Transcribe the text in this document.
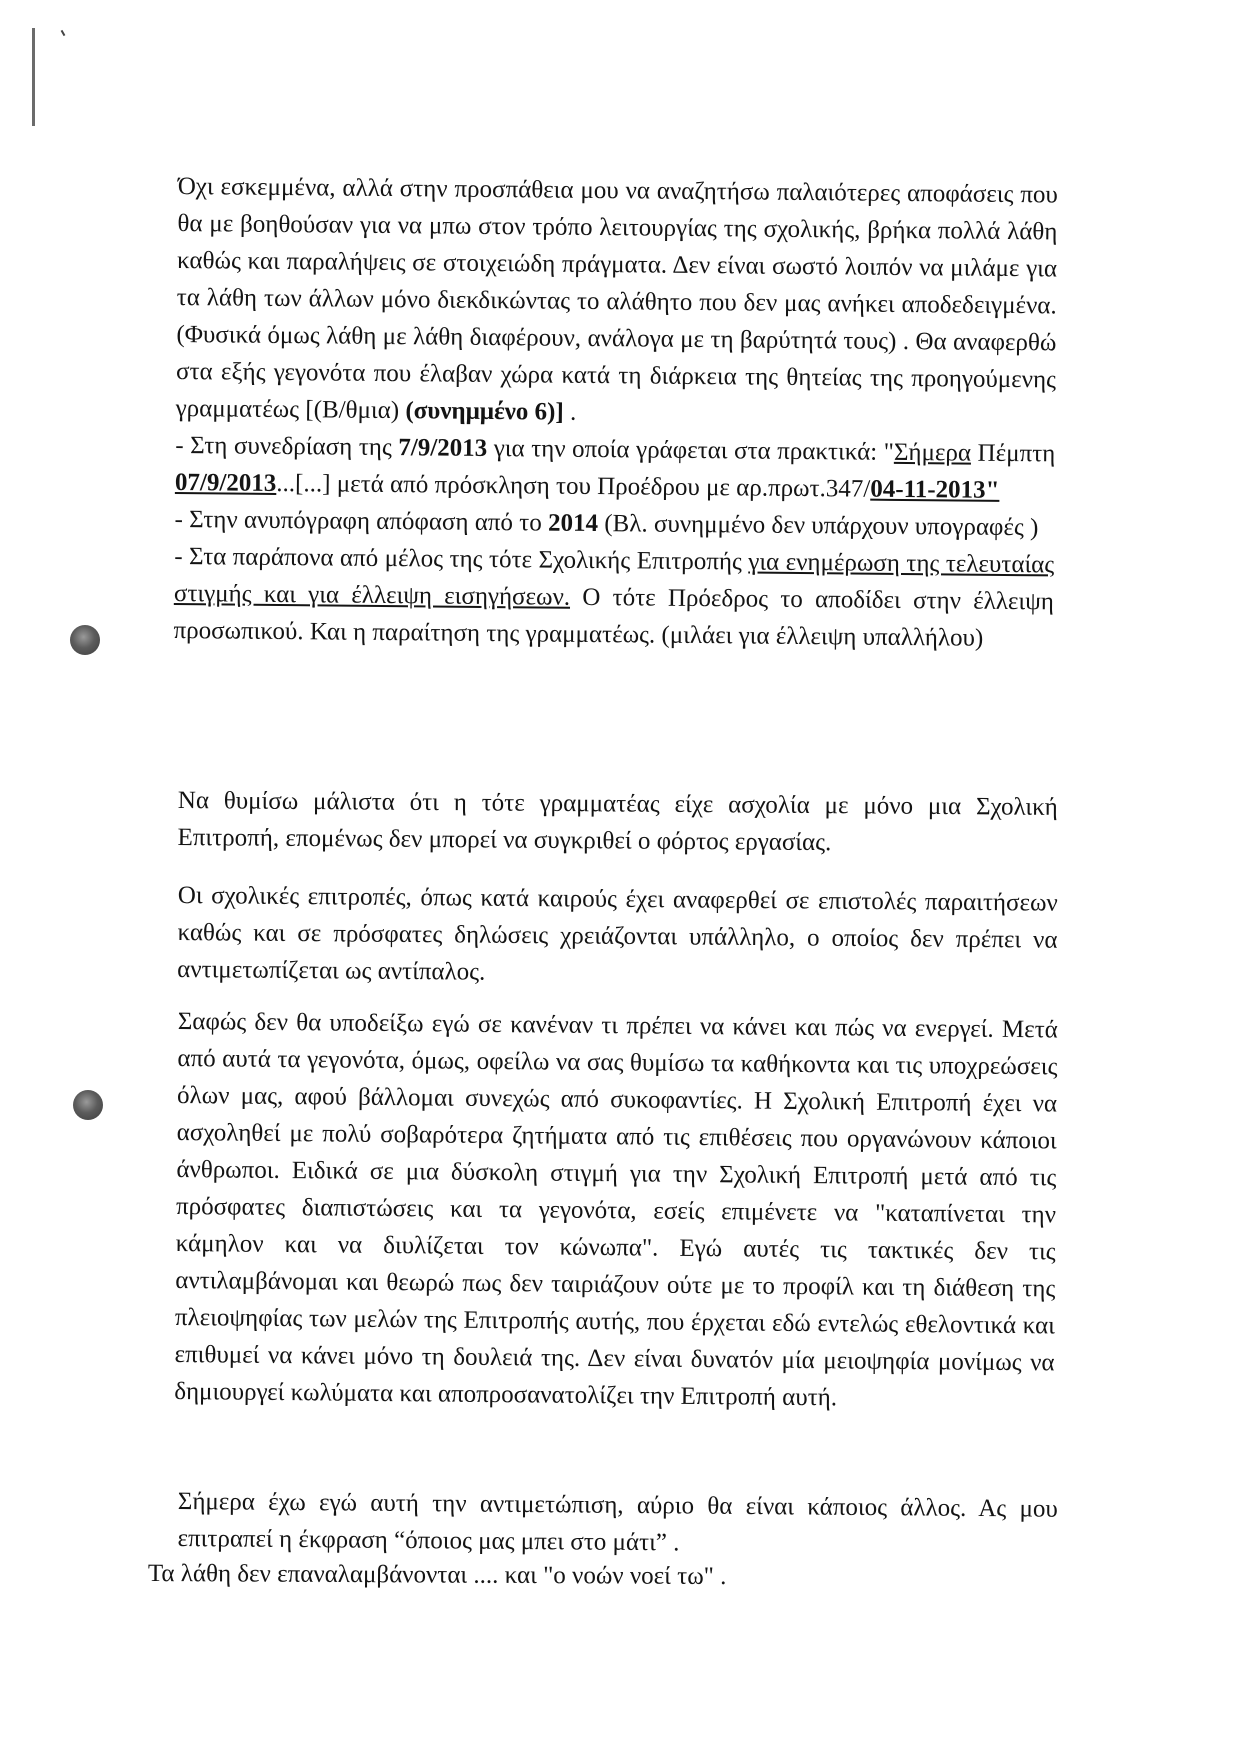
Όχι εσκεμμένα, αλλά στην προσπάθεια μου να αναζητήσω παλαιότερες αποφάσεις που θα με βοηθούσαν για να μπω στον τρόπο λειτουργίας της σχολικής, βρήκα πολλά λάθη καθώς και παραλήψεις σε στοιχειώδη πράγματα. Δεν είναι σωστό λοιπόν να μιλάμε για τα λάθη των άλλων μόνο διεκδικώντας το αλάθητο που δεν μας ανήκει αποδεδειγμένα. (Φυσικά όμως λάθη με λάθη διαφέρουν, ανάλογα με τη βαρύτητά τους) . Θα αναφερθώ στα εξής γεγονότα που έλαβαν χώρα κατά τη διάρκεια της θητείας της προηγούμενης γραμματέως [(Β/θμια) (συνημμένο 6)] .

- Στη συνεδρίαση της 7/9/2013 για την οποία γράφεται στα πρακτικά: "Σήμερα Πέμπτη 07/9/2013...[...] μετά από πρόσκληση του Προέδρου με αρ.πρωτ.347/04-11-2013"

- Στην ανυπόγραφη απόφαση από το 2014 (Βλ. συνημμένο δεν υπάρχουν υπογραφές )

- Στα παράπονα από μέλος της τότε Σχολικής Επιτροπής για ενημέρωση της τελευταίας στιγμής και για έλλειψη εισηγήσεων. Ο τότε Πρόεδρος το αποδίδει στην έλλειψη προσωπικού. Και η παραίτηση της γραμματέως. (μιλάει για έλλειψη υπαλλήλου)

Να θυμίσω μάλιστα ότι η τότε γραμματέας είχε ασχολία με μόνο μια Σχολική Επιτροπή, επομένως δεν μπορεί να συγκριθεί ο φόρτος εργασίας.

Οι σχολικές επιτροπές, όπως κατά καιρούς έχει αναφερθεί σε επιστολές παραιτήσεων καθώς και σε πρόσφατες δηλώσεις χρειάζονται υπάλληλο, ο οποίος δεν πρέπει να αντιμετωπίζεται ως αντίπαλος.

Σαφώς δεν θα υποδείξω εγώ σε κανέναν τι πρέπει να κάνει και πώς να ενεργεί. Μετά από αυτά τα γεγονότα, όμως, οφείλω να σας θυμίσω τα καθήκοντα και τις υποχρεώσεις όλων μας, αφού βάλλομαι συνεχώς από συκοφαντίες. Η Σχολική Επιτροπή έχει να ασχοληθεί με πολύ σοβαρότερα ζητήματα από τις επιθέσεις που οργανώνουν κάποιοι άνθρωποι. Ειδικά σε μια δύσκολη στιγμή για την Σχολική Επιτροπή μετά από τις πρόσφατες διαπιστώσεις και τα γεγονότα, εσείς επιμένετε να "καταπίνεται την κάμηλον και να διυλίζεται τον κώνωπα". Εγώ αυτές τις τακτικές δεν τις αντιλαμβάνομαι και θεωρώ πως δεν ταιριάζουν ούτε με το προφίλ και τη διάθεση της πλειοψηφίας των μελών της Επιτροπής αυτής, που έρχεται εδώ εντελώς εθελοντικά και επιθυμεί να κάνει μόνο τη δουλειά της. Δεν είναι δυνατόν μία μειοψηφία μονίμως να δημιουργεί κωλύματα και αποπροσανατολίζει την Επιτροπή αυτή.

Σήμερα έχω εγώ αυτή την αντιμετώπιση, αύριο θα είναι κάποιος άλλος. Ας μου επιτραπεί η έκφραση “όποιος μας μπει στο μάτι” .

Τα λάθη δεν επαναλαμβάνονται .... και "ο νοών νοεί τω" .
